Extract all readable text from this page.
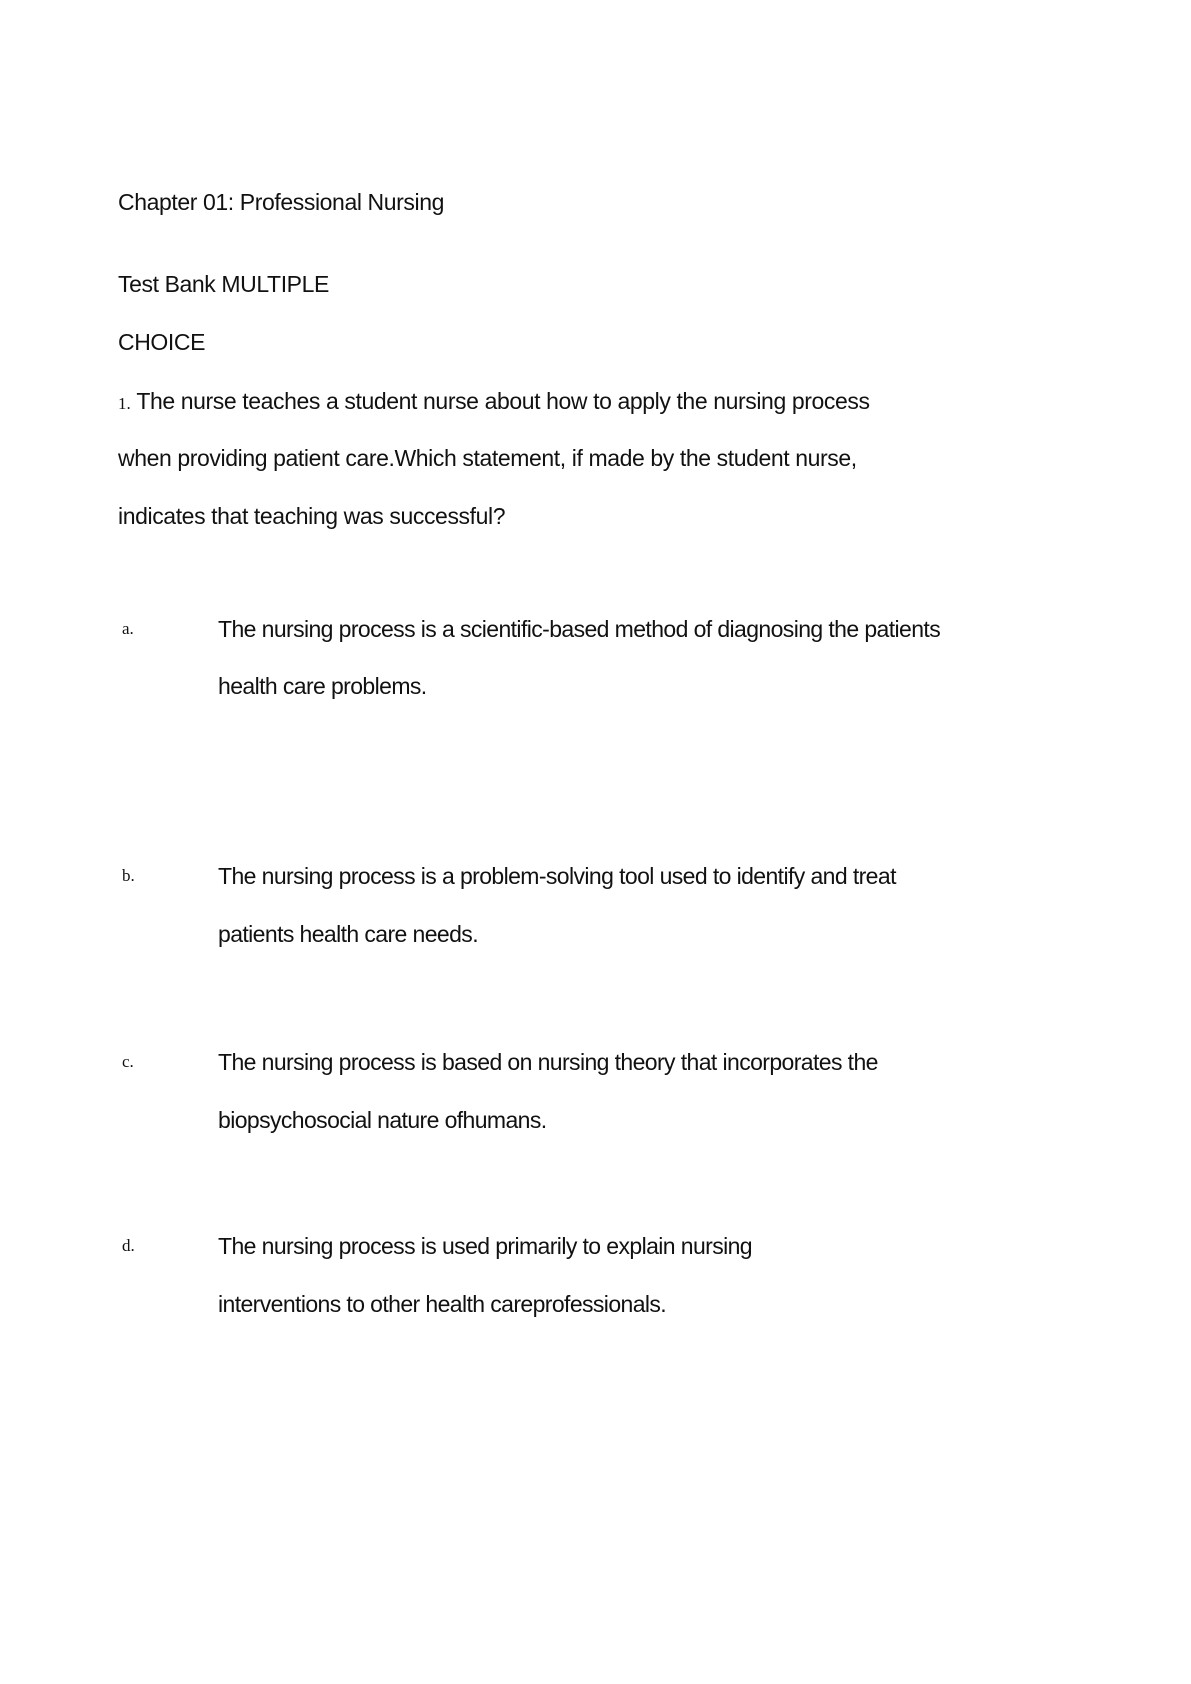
Chapter 01: Professional Nursing
Test Bank MULTIPLE
CHOICE
1. The nurse teaches a student nurse about how to apply the nursing process
when providing patient care.Which statement, if made by the student nurse,
indicates that teaching was successful?
a.	The nursing process is a scientific-based method of diagnosing the patients
health care problems.
b.	The nursing process is a problem-solving tool used to identify and treat
patients health care needs.
c.	The nursing process is based on nursing theory that incorporates the
biopsychosocial nature ofhumans.
d.	The nursing process is used primarily to explain nursing
interventions to other health careprofessionals.
